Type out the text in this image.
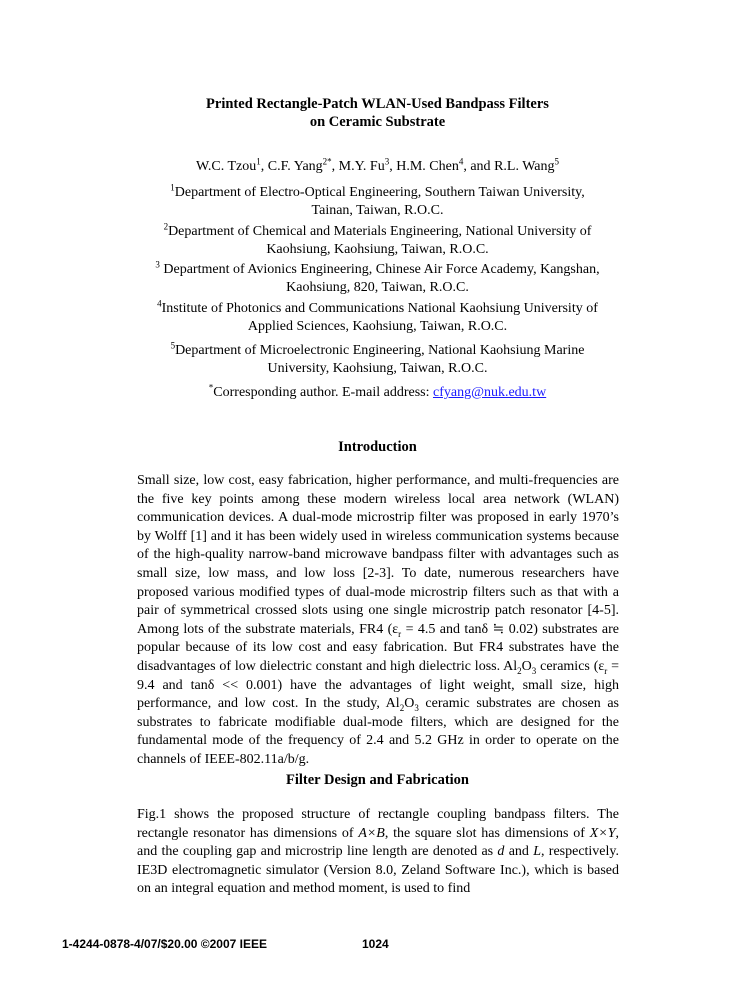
Printed Rectangle-Patch WLAN-Used Bandpass Filters
on Ceramic Substrate
W.C. Tzou$^1$, C.F. Yang$^{2*}$, M.Y. Fu$^3$, H.M. Chen$^4$, and R.L. Wang$^5$
$^1$Department of Electro-Optical Engineering, Southern Taiwan University,
Tainan, Taiwan, R.O.C.
$^2$Department of Chemical and Materials Engineering, National University of
Kaohsiung, Kaohsiung, Taiwan, R.O.C.
$^3$ Department of Avionics Engineering, Chinese Air Force Academy, Kangshan,
Kaohsiung, 820, Taiwan, R.O.C.
$^4$Institute of Photonics and Communications National Kaohsiung University of
Applied Sciences, Kaohsiung, Taiwan, R.O.C.
$^5$Department of Microelectronic Engineering, National Kaohsiung Marine
University, Kaohsiung, Taiwan, R.O.C.
*Corresponding author. E-mail address: cfyang@nuk.edu.tw
Introduction
Small size, low cost, easy fabrication, higher performance, and multi-frequencies are the five key points among these modern wireless local area network (WLAN) communication devices. A dual-mode microstrip filter was proposed in early 1970’s by Wolff [1] and it has been widely used in wireless communication systems because of the high-quality narrow-band microwave bandpass filter with advantages such as small size, low mass, and low loss [2-3]. To date, numerous researchers have proposed various modified types of dual-mode microstrip filters such as that with a pair of symmetrical crossed slots using one single microstrip patch resonator [4-5]. Among lots of the substrate materials, FR4 ($\varepsilon_r = 4.5$ and tanδ ≒ 0.02) substrates are popular because of its low cost and easy fabrication. But FR4 substrates have the disadvantages of low dielectric constant and high dielectric loss. $Al_2O_3$ ceramics ($\varepsilon_r = 9.4$ and tanδ << 0.001) have the advantages of light weight, small size, high performance, and low cost. In the study, $Al_2O_3$ ceramic substrates are chosen as substrates to fabricate modifiable dual-mode filters, which are designed for the fundamental mode of the frequency of 2.4 and 5.2 GHz in order to operate on the channels of IEEE-802.11a/b/g.
Filter Design and Fabrication
Fig.1 shows the proposed structure of rectangle coupling bandpass filters. The rectangle resonator has dimensions of A×B, the square slot has dimensions of X×Y, and the coupling gap and microstrip line length are denoted as d and L, respectively. IE3D electromagnetic simulator (Version 8.0, Zeland Software Inc.), which is based on an integral equation and method moment, is used to find
1-4244-0878-4/07/$20.00 ©2007 IEEE	1024
